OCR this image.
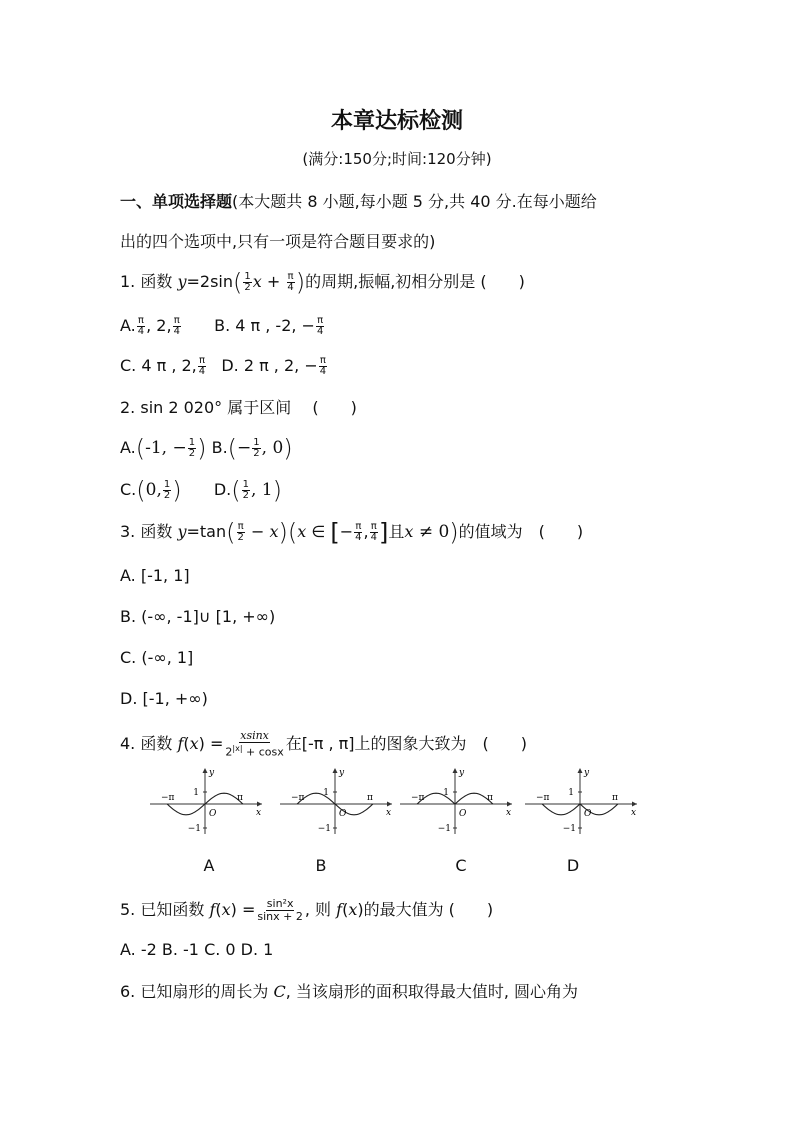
本章达标检测
(满分:150分;时间:120分钟)
一、单项选择题(本大题共 8 小题,每小题 5 分,共 40 分.在每小题给
出的四个选项中,只有一项是符合题目要求的)
1. 函数 $y=2\sin( \frac{1}{2}$ $x + \frac{\pi}{4}$ )的周期,振幅,初相分别是 (　　)
A. $\frac{\pi}{4}$ , 2, $\frac{\pi}{4} B$. 4 π , -2, − $\frac{\pi}{4}$
C. 4 π , 2, $\frac{\pi}{4} D$. 2 π , 2, − $\frac{\pi}{4}$
2. sin 2 020° 属于区间　 (　　)
A.(-1, − $\frac{1}{2}$ ) $B.(- \frac{1}{2}$ , 0)
C.(0, $\frac{1}{2}$ ) $D.( \frac{1}{2}$ , 1)
3. 函数 $y=\tan( \frac{\pi}{2} - x)(x$ ∈ [− $\frac{\pi}{4}$ , $\frac{\pi}{4}$ ]且x ≠ 0)的值域为　(　　)
A. [-1, 1]
B. (-∞, -1]∪ [1, +∞)
C. (-∞, 1]
D. [-1, +∞)
4. 函数 $f(x) = \frac{xsinx}{2^{|x|} + \cos x}$ 在[-π , π]上的图象大致为　(　　)
1
−1
O
y
x
−π	π	1
−1
O
y
x
−π	π	1
−1
O
y
x
−π	π	1
−1
O
y
x
−π	π
A	B	C	D
5. 已知函数 $f(x) = \frac{\text{sin²x}}{\sin x + 2}$ , 则 f(x)的最大值为 (　　)
A. -2 B. -1 C. 0 D. 1
6. 已知扇形的周长为 C, 当该扇形的面积取得最大值时, 圆心角为
